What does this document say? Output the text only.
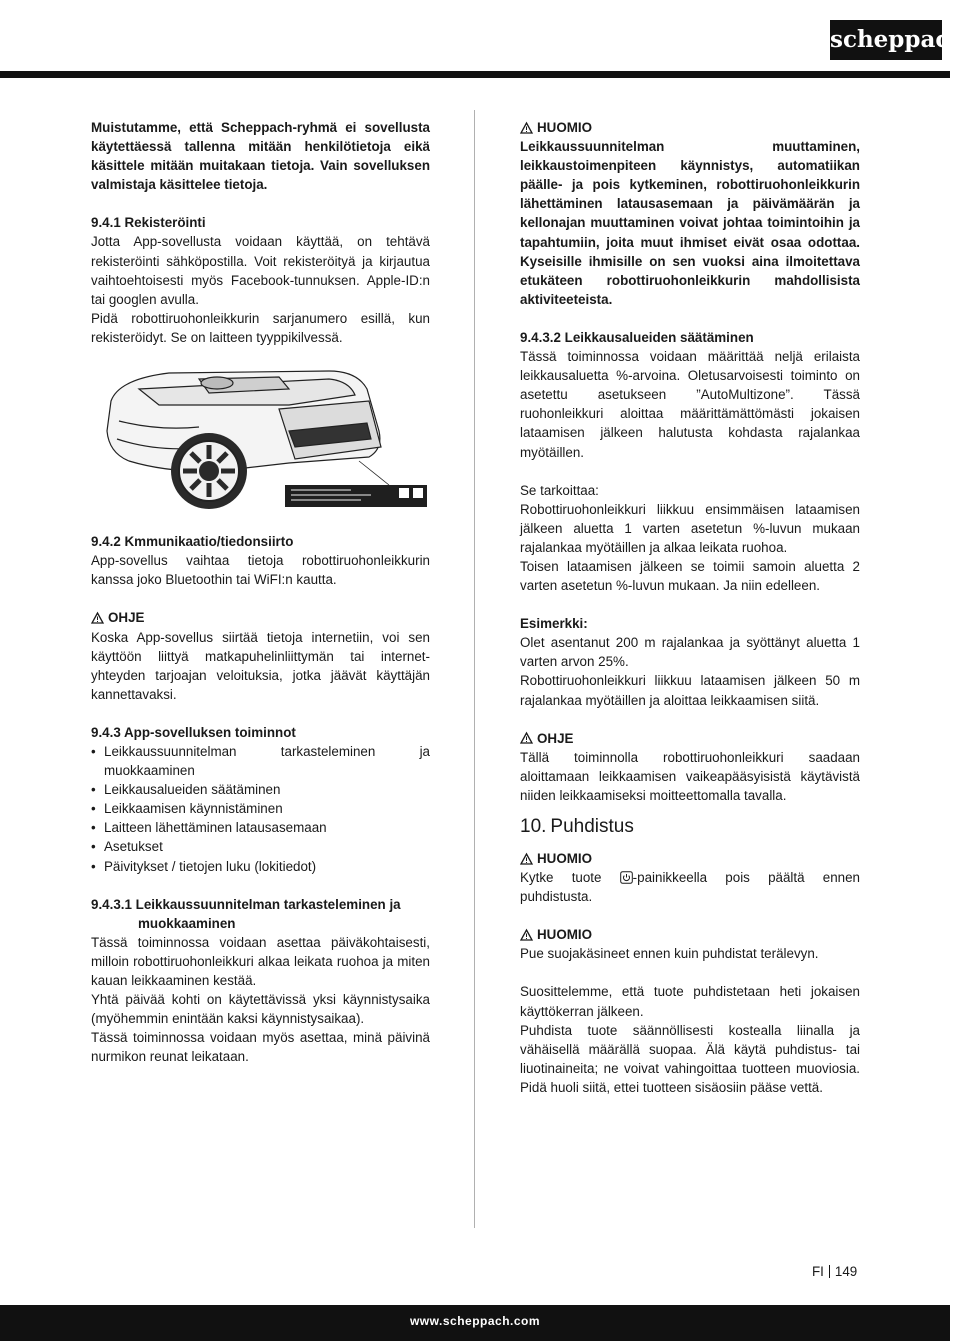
scheppach

Muistutamme, että Scheppach-ryhmä ei sovellusta käytettäessä tallenna mitään henkilötietoja eikä käsittele mitään muitakaan tietoja. Vain sovelluksen valmistaja käsittelee tietoja.

9.4.1 Rekisteröinti

Jotta App-sovellusta voidaan käyttää, on tehtävä rekisteröinti sähköpostilla. Voit rekisteröityä ja kirjautua vaihtoehtoisesti myös Facebook-tunnuksen. Apple-ID:n tai googlen avulla.

Pidä robottiruohonleikkurin sarjanumero esillä, kun rekisteröidyt. Se on laitteen tyyppikilvessä.

9.4.2 Kmmunikaatio/tiedonsiirto

App-sovellus vaihtaa tietoja robottiruohonleikkurin kanssa joko Bluetoothin tai WiFI:n kautta.

OHJE

Koska App-sovellus siirtää tietoja internetiin, voi sen käyttöön liittyä matkapuhelinliittymän tai internet-yhteyden tarjoajan veloituksia, jotka jäävät käyttäjän kannettavaksi.

9.4.3 App-sovelluksen toiminnot

• Leikkaussuunnitelman tarkasteleminen ja muokkaaminen
• Leikkausalueiden säätäminen
• Leikkaamisen käynnistäminen
• Laitteen lähettäminen latausasemaan
• Asetukset
• Päivitykset / tietojen luku (lokitiedot)

9.4.3.1 Leikkaussuunnitelman tarkasteleminen ja muokkaaminen

Tässä toiminnossa voidaan asettaa päiväkohtaisesti, milloin robottiruohonleikkuri alkaa leikata ruohoa ja miten kauan leikkaaminen kestää.

Yhtä päivää kohti on käytettävissä yksi käynnistysaika (myöhemmin enintään kaksi käynnistysaikaa).

Tässä toiminnossa voidaan myös asettaa, minä päivinä nurmikon reunat leikataan.

HUOMIO

Leikkaussuunnitelman muuttaminen, leikkaustoimenpiteen käynnistys, automatiikan päälle- ja pois kytkeminen, robottiruohonleikkurin lähettäminen latausasemaan ja päivämäärän ja kellonajan muuttaminen voivat johtaa toimintoihin ja tapahtumiin, joita muut ihmiset eivät osaa odottaa. Kyseisille ihmisille on sen vuoksi aina ilmoitettava etukäteen robottiruohonleikkurin mahdollisista aktiviteeteista.

9.4.3.2 Leikkausalueiden säätäminen

Tässä toiminnossa voidaan määrittää neljä erilaista leikkausaluetta %-arvoina. Oletusarvoisesti toiminto on asetettu asetukseen ”AutoMultizone”. Tässä ruohonleikkuri aloittaa määrittämättömästi jokaisen lataamisen jälkeen halutusta kohdasta rajalankaa myötäillen.

Se tarkoittaa:

Robottiruohonleikkuri liikkuu ensimmäisen lataamisen jälkeen aluetta 1 varten asetetun %-luvun mukaan rajalankaa myötäillen ja alkaa leikata ruohoa.

Toisen lataamisen jälkeen se toimii samoin aluetta 2 varten asetetun %-luvun mukaan. Ja niin edelleen.

Esimerkki:

Olet asentanut 200 m rajalankaa ja syöttänyt aluetta 1 varten arvon 25%.

Robottiruohonleikkuri liikkuu lataamisen jälkeen 50 m rajalankaa myötäillen ja aloittaa leikkaamisen siitä.

OHJE

Tällä toiminnolla robottiruohonleikkuri saadaan aloittamaan leikkaamisen vaikeapääsyisistä käytävistä niiden leikkaamiseksi moitteettomalla tavalla.

10. Puhdistus
HUOMIO

Kytke tuote -painikkeella pois päältä ennen puhdistusta.

HUOMIO

Pue suojakäsineet ennen kuin puhdistat terälevyn.

Suosittelemme, että tuote puhdistetaan heti jokaisen käyttökerran jälkeen.

Puhdista tuote säännöllisesti kostealla liinalla ja vähäisellä määrällä suopaa. Älä käytä puhdistus- tai liuotinaineita; ne voivat vahingoittaa tuotteen muoviosia. Pidä huoli siitä, ettei tuotteen sisäosiin pääse vettä.

FI 149
www.scheppach.com
